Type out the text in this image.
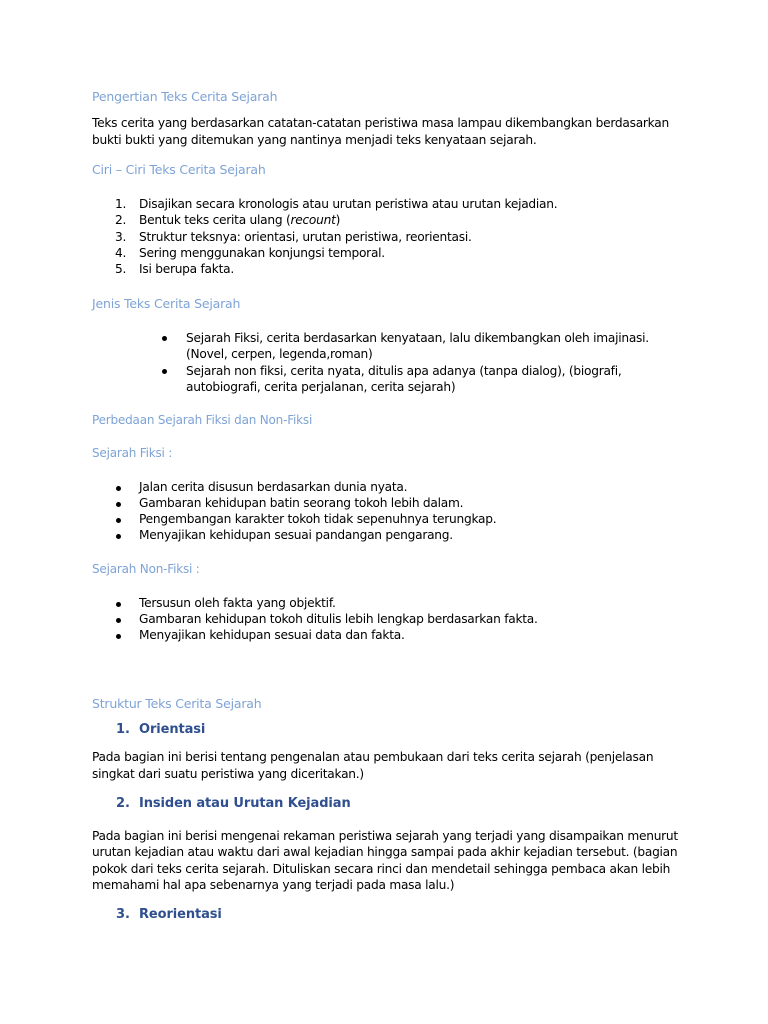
Pengertian Teks Cerita Sejarah
Teks cerita yang berdasarkan catatan-catatan peristiwa masa lampau dikembangkan berdasarkan
bukti bukti yang ditemukan yang nantinya menjadi teks kenyataan sejarah.
Ciri – Ciri Teks Cerita Sejarah
1. Disajikan secara kronologis atau urutan peristiwa atau urutan kejadian.
2. Bentuk teks cerita ulang (recount)
3. Struktur teksnya: orientasi, urutan peristiwa, reorientasi.
4. Sering menggunakan konjungsi temporal.
5. Isi berupa fakta.
Jenis Teks Cerita Sejarah
Sejarah Fiksi, cerita berdasarkan kenyataan, lalu dikembangkan oleh imajinasi.
(Novel, cerpen, legenda,roman)
Sejarah non fiksi, cerita nyata, ditulis apa adanya (tanpa dialog), (biografi,
autobiografi, cerita perjalanan, cerita sejarah)
Perbedaan Sejarah Fiksi dan Non-Fiksi
Sejarah Fiksi :
Jalan cerita disusun berdasarkan dunia nyata.
Gambaran kehidupan batin seorang tokoh lebih dalam.
Pengembangan karakter tokoh tidak sepenuhnya terungkap.
Menyajikan kehidupan sesuai pandangan pengarang.
Sejarah Non-Fiksi :
Tersusun oleh fakta yang objektif.
Gambaran kehidupan tokoh ditulis lebih lengkap berdasarkan fakta.
Menyajikan kehidupan sesuai data dan fakta.
Struktur Teks Cerita Sejarah
1. Orientasi
Pada bagian ini berisi tentang pengenalan atau pembukaan dari teks cerita sejarah (penjelasan
singkat dari suatu peristiwa yang diceritakan.)
2. Insiden atau Urutan Kejadian
Pada bagian ini berisi mengenai rekaman peristiwa sejarah yang terjadi yang disampaikan menurut
urutan kejadian atau waktu dari awal kejadian hingga sampai pada akhir kejadian tersebut. (bagian
pokok dari teks cerita sejarah. Dituliskan secara rinci dan mendetail sehingga pembaca akan lebih
memahami hal apa sebenarnya yang terjadi pada masa lalu.)
3. Reorientasi
